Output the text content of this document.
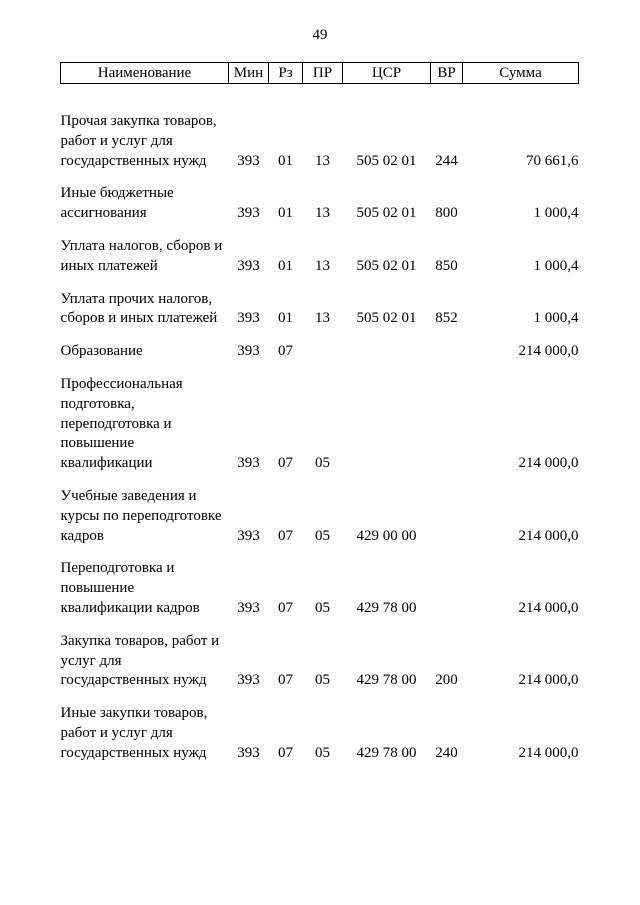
49
Наименование	Мин	Рз	ПР	ЦСР	ВР	Сумма
Прочая закупка товаров, работ и услуг для государственных нужд	393	01	13	505 02 01	244	70 661,6
Иные бюджетные ассигнования	393	01	13	505 02 01	800	1 000,4
Уплата налогов, сборов и иных платежей	393	01	13	505 02 01	850	1 000,4
Уплата прочих налогов, сборов и иных платежей	393	01	13	505 02 01	852	1 000,4
Образование	393	07				214 000,0
Профессиональная подготовка, переподготовка и повышение квалификации	393	07	05			214 000,0
Учебные заведения и курсы по переподготовке кадров	393	07	05	429 00 00		214 000,0
Переподготовка и повышение квалификации кадров	393	07	05	429 78 00		214 000,0
Закупка товаров, работ и услуг для государственных нужд	393	07	05	429 78 00	200	214 000,0
Иные закупки товаров, работ и услуг для государственных нужд	393	07	05	429 78 00	240	214 000,0
